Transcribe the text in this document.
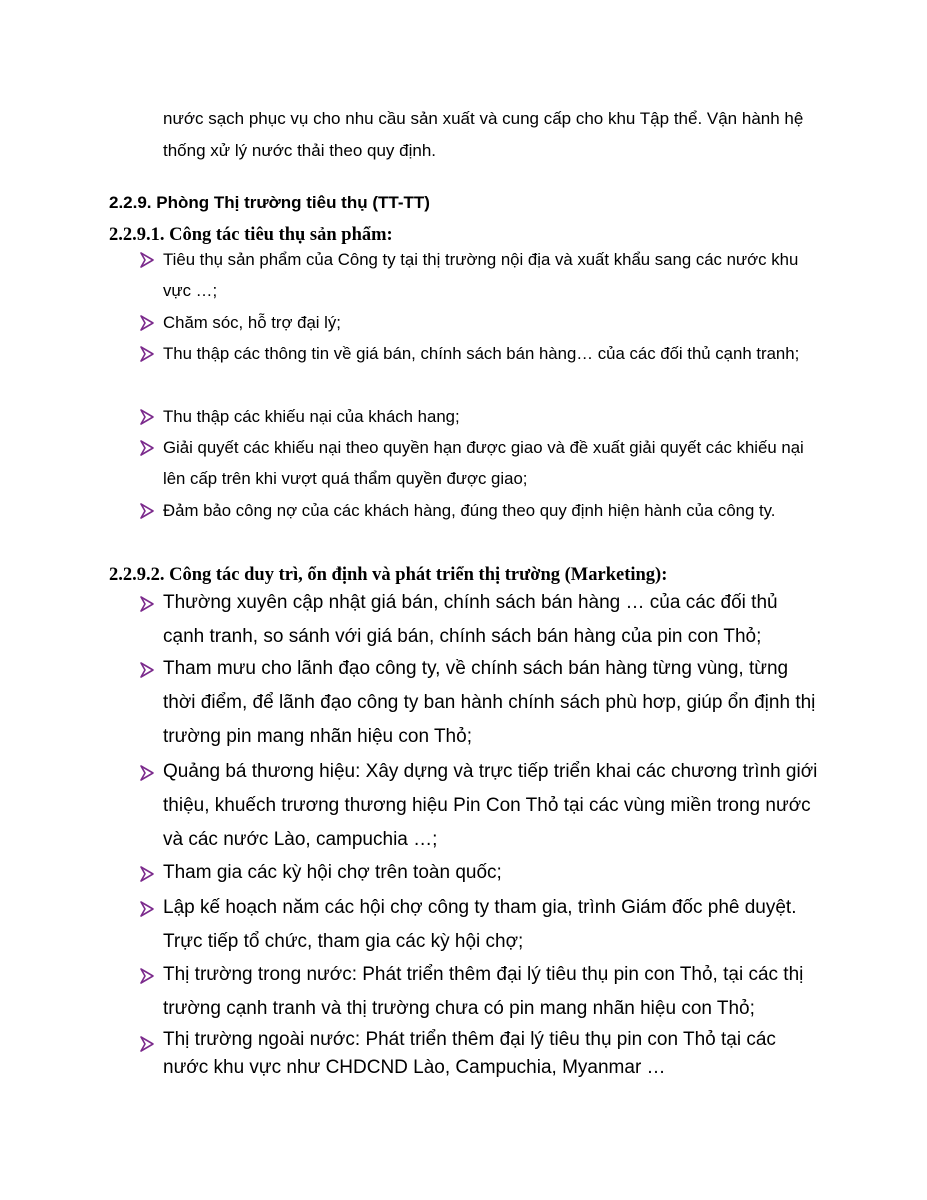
nước sạch phục vụ cho nhu cầu sản xuất và cung cấp cho khu Tập thể. Vận hành hệ thống xử lý nước thải theo quy định.
2.2.9. Phòng Thị trường tiêu thụ (TT-TT)
2.2.9.1. Công tác tiêu thụ sản phẩm:
Tiêu thụ sản phẩm của Công ty tại thị trường nội địa và xuất khẩu sang các nước khu vực …;
Chăm sóc, hỗ trợ đại lý;
Thu thập các thông tin về giá bán, chính sách bán hàng… của các đối thủ cạnh tranh;
Thu thập các khiếu nại của khách hang;
Giải quyết các khiếu nại theo quyền hạn được giao và đề xuất giải quyết các khiếu nại lên cấp trên khi vượt quá thẩm quyền được giao;
Đảm bảo công nợ của các khách hàng, đúng theo quy định hiện hành của công ty.
2.2.9.2. Công tác duy trì, ổn định và phát triển thị trường (Marketing):
Thường xuyên cập nhật giá bán, chính sách bán hàng … của các đối thủ cạnh tranh, so sánh với giá bán, chính sách bán hàng của pin con Thỏ;
Tham mưu cho lãnh đạo công ty, về chính sách bán hàng từng vùng, từng thời điểm, để lãnh đạo công ty ban hành chính sách phù hơp, giúp ổn định thị trường pin mang nhãn hiệu con Thỏ;
Quảng bá thương hiệu: Xây dựng và trực tiếp triển khai các chương trình giới thiệu, khuếch trương thương hiệu Pin Con Thỏ tại các vùng miền trong nước và các nước Lào, campuchia …;
Tham gia các kỳ hội chợ trên toàn quốc;
Lập kế hoạch năm các hội chợ công ty tham gia, trình Giám đốc phê duyệt. Trực tiếp tổ chức, tham gia các kỳ hội chợ;
Thị trường trong nước: Phát triển thêm đại lý tiêu thụ pin con Thỏ, tại các thị trường cạnh tranh và thị trường chưa có pin mang nhãn hiệu con Thỏ;
Thị trường ngoài nước: Phát triển thêm đại lý tiêu thụ pin con Thỏ tại các nước khu vực như CHDCND Lào, Campuchia, Myanmar …
